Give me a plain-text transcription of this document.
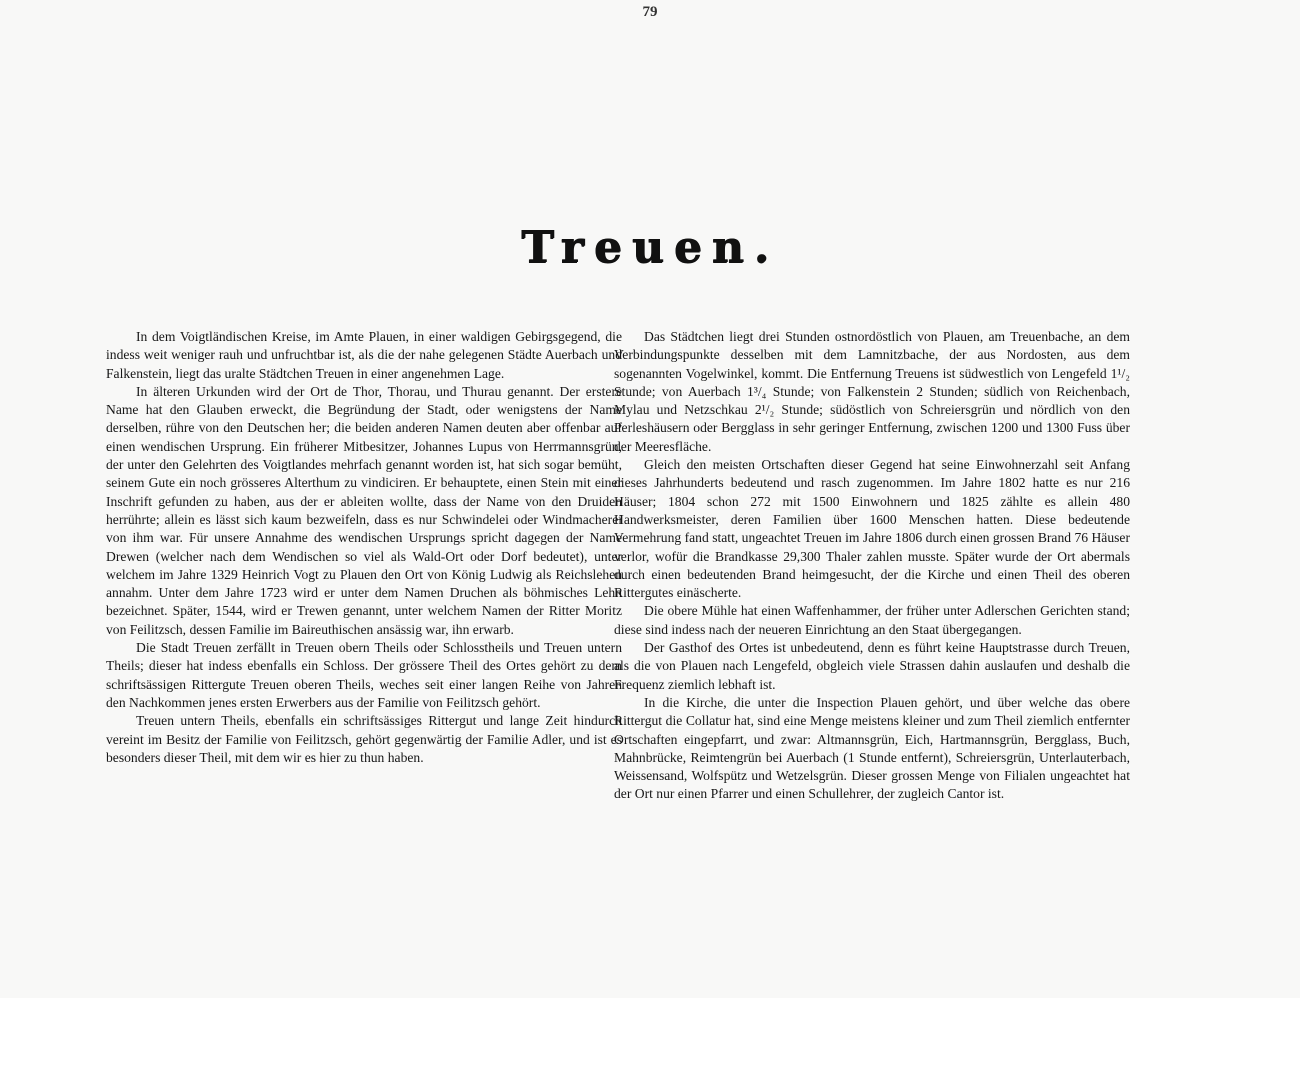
79
Treuen.

In dem Voigtländischen Kreise, im Amte Plauen, in einer waldigen Gebirgsgegend, die indess weit weniger rauh und unfruchtbar ist, als die der nahe gelegenen Städte Auerbach und Falkenstein, liegt das uralte Städtchen Treuen in einer angenehmen Lage.

In älteren Urkunden wird der Ort de Thor, Thorau, und Thurau genannt. Der erstere Name hat den Glauben erweckt, die Begründung der Stadt, oder wenigstens der Name derselben, rühre von den Deutschen her; die beiden anderen Namen deuten aber offenbar auf einen wendischen Ursprung. Ein früherer Mitbesitzer, Johannes Lupus von Herrmannsgrün, der unter den Gelehrten des Voigtlandes mehrfach genannt worden ist, hat sich sogar bemüht, seinem Gute ein noch grösseres Alterthum zu vindiciren. Er behauptete, einen Stein mit einer Inschrift gefunden zu haben, aus der er ableiten wollte, dass der Name von den Druiden herrührte; allein es lässt sich kaum bezweifeln, dass es nur Schwindelei oder Windmacherei von ihm war. Für unsere Annahme des wendischen Ursprungs spricht dagegen der Name Drewen (welcher nach dem Wendischen so viel als Wald-Ort oder Dorf bedeutet), unter welchem im Jahre 1329 Heinrich Vogt zu Plauen den Ort von König Ludwig als Reichslehen annahm. Unter dem Jahre 1723 wird er unter dem Namen Druchen als böhmisches Lehn bezeichnet. Später, 1544, wird er Trewen genannt, unter welchem Namen der Ritter Moritz von Feilitzsch, dessen Familie im Baireuthischen ansässig war, ihn erwarb.

Die Stadt Treuen zerfällt in Treuen obern Theils oder Schlosstheils und Treuen untern Theils; dieser hat indess ebenfalls ein Schloss. Der grössere Theil des Ortes gehört zu dem schriftsässigen Rittergute Treuen oberen Theils, weches seit einer langen Reihe von Jahren den Nachkommen jenes ersten Erwerbers aus der Familie von Feilitzsch gehört.

Treuen untern Theils, ebenfalls ein schriftsässiges Rittergut und lange Zeit hindurch vereint im Besitz der Familie von Feilitzsch, gehört gegenwärtig der Familie Adler, und ist es besonders dieser Theil, mit dem wir es hier zu thun haben.

Das Städtchen liegt drei Stunden ostnordöstlich von Plauen, am Treuenbache, an dem Verbindungspunkte desselben mit dem Lamnitzbache, der aus Nordosten, aus dem sogenannten Vogelwinkel, kommt. Die Entfernung Treuens ist südwestlich von Lengefeld 1¹/₂ Stunde; von Auerbach 1³/₄ Stunde; von Falkenstein 2 Stunden; südlich von Reichenbach, Mylau und Netzschkau 2¹/₂ Stunde; südöstlich von Schreiersgrün und nördlich von den Perleshäusern oder Bergglass in sehr geringer Entfernung, zwischen 1200 und 1300 Fuss über der Meeresfläche.

Gleich den meisten Ortschaften dieser Gegend hat seine Einwohnerzahl seit Anfang dieses Jahrhunderts bedeutend und rasch zugenommen. Im Jahre 1802 hatte es nur 216 Häuser; 1804 schon 272 mit 1500 Einwohnern und 1825 zählte es allein 480 Handwerksmeister, deren Familien über 1600 Menschen hatten. Diese bedeutende Vermehrung fand statt, ungeachtet Treuen im Jahre 1806 durch einen grossen Brand 76 Häuser verlor, wofür die Brandkasse 29,300 Thaler zahlen musste. Später wurde der Ort abermals durch einen bedeutenden Brand heimgesucht, der die Kirche und einen Theil des oberen Rittergutes einäscherte.

Die obere Mühle hat einen Waffenhammer, der früher unter Adlerschen Gerichten stand; diese sind indess nach der neueren Einrichtung an den Staat übergegangen.

Der Gasthof des Ortes ist unbedeutend, denn es führt keine Hauptstrasse durch Treuen, als die von Plauen nach Lengefeld, obgleich viele Strassen dahin auslaufen und deshalb die Frequenz ziemlich lebhaft ist.

In die Kirche, die unter die Inspection Plauen gehört, und über welche das obere Rittergut die Collatur hat, sind eine Menge meistens kleiner und zum Theil ziemlich entfernter Ortschaften eingepfarrt, und zwar: Altmannsgrün, Eich, Hartmannsgrün, Bergglass, Buch, Mahnbrücke, Reimtengrün bei Auerbach (1 Stunde entfernt), Schreiersgrün, Unterlauterbach, Weissensand, Wolfspütz und Wetzelsgrün. Dieser grossen Menge von Filialen ungeachtet hat der Ort nur einen Pfarrer und einen Schullehrer, der zugleich Cantor ist.
